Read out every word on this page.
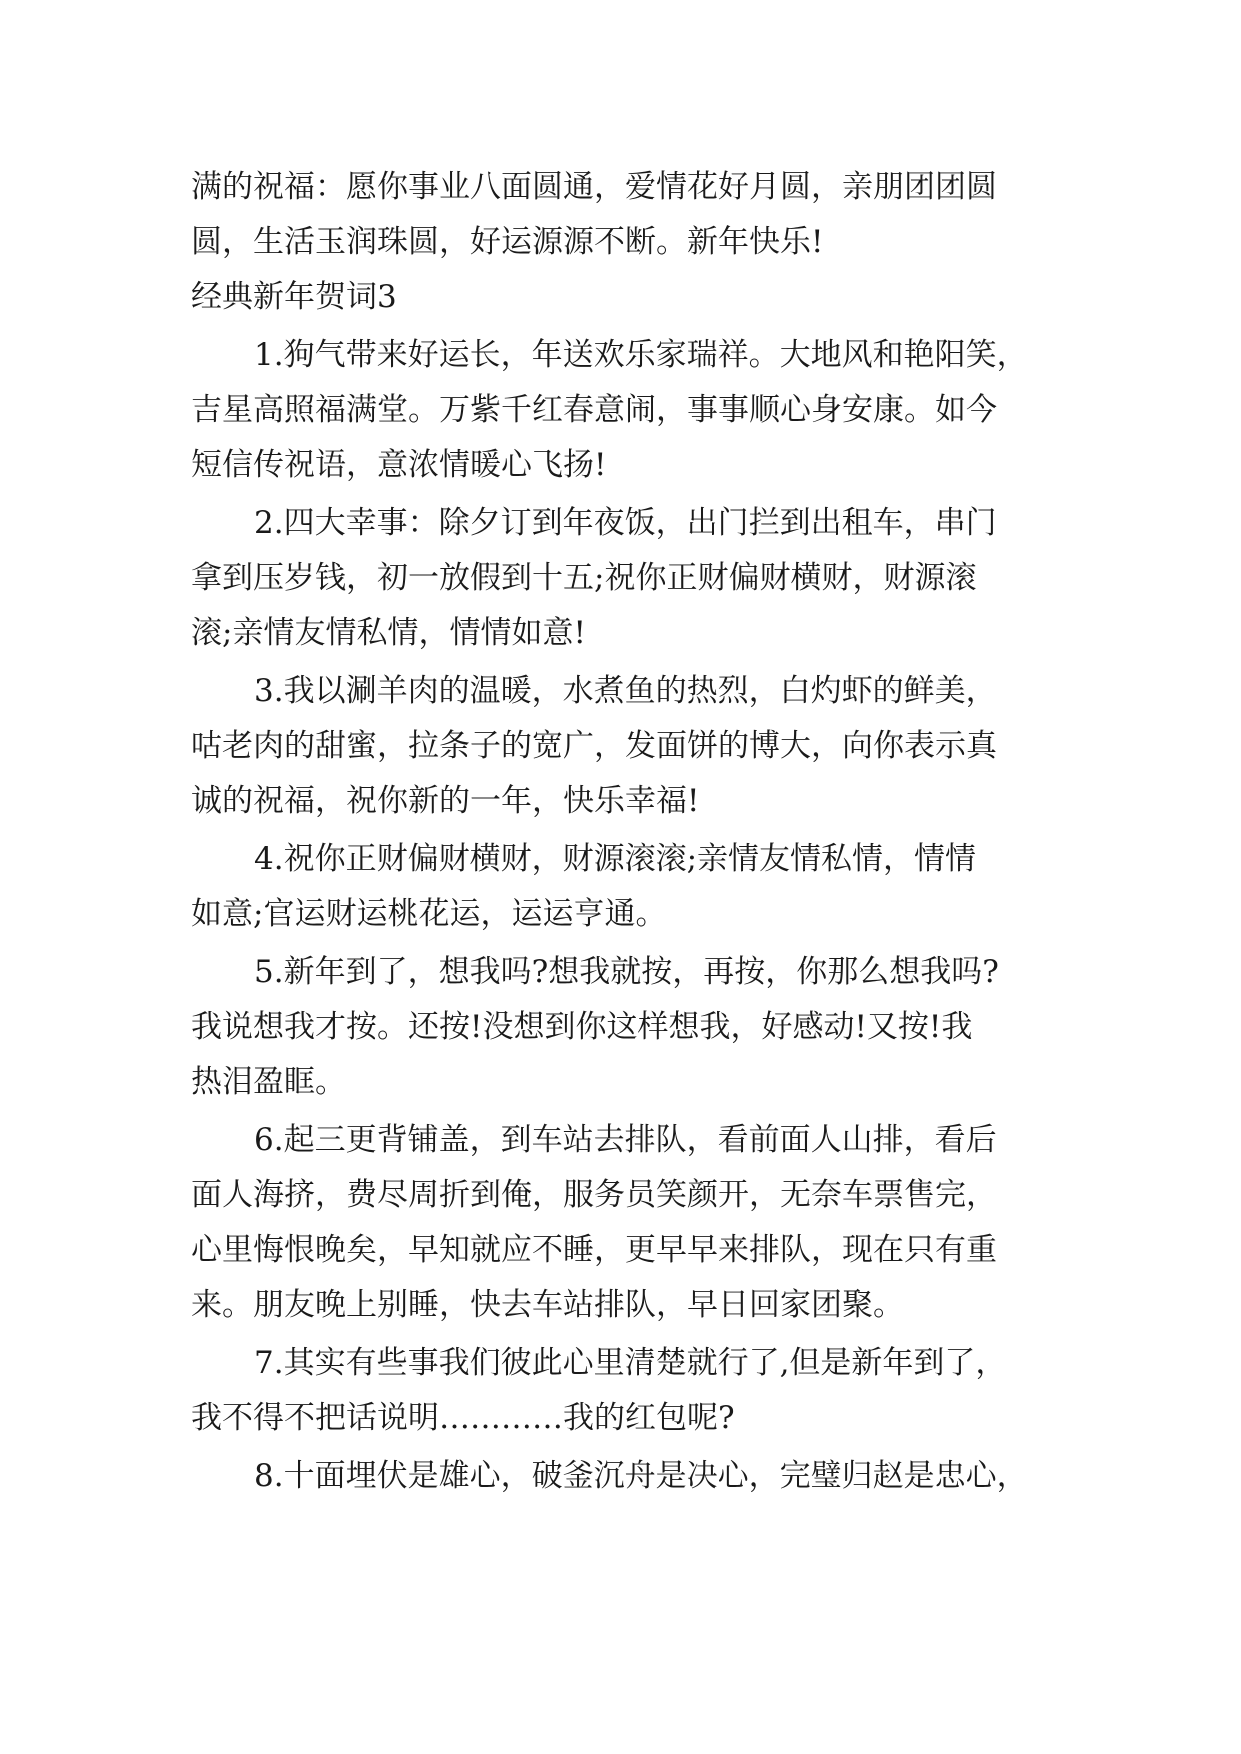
满的祝福：愿你事业八面圆通，爱情花好月圆，亲朋团团圆
圆，生活玉润珠圆，好运源源不断。新年快乐!
经典新年贺词3
1.狗气带来好运长，年送欢乐家瑞祥。大地风和艳阳笑，
吉星高照福满堂。万紫千红春意闹，事事顺心身安康。如今
短信传祝语，意浓情暖心飞扬!
2.四大幸事：除夕订到年夜饭，出门拦到出租车，串门
拿到压岁钱，初一放假到十五;祝你正财偏财横财，财源滚
滚;亲情友情私情，情情如意!
3.我以涮羊肉的温暖，水煮鱼的热烈，白灼虾的鲜美，
咕老肉的甜蜜，拉条子的宽广，发面饼的博大，向你表示真
诚的祝福，祝你新的一年，快乐幸福!
4.祝你正财偏财横财，财源滚滚;亲情友情私情，情情
如意;官运财运桃花运，运运亨通。
5.新年到了，想我吗?想我就按，再按，你那么想我吗?
我说想我才按。还按!没想到你这样想我，好感动!又按!我
热泪盈眶。
6.起三更背铺盖，到车站去排队，看前面人山排，看后
面人海挤，费尽周折到俺，服务员笑颜开，无奈车票售完，
心里悔恨晚矣，早知就应不睡，更早早来排队，现在只有重
来。朋友晚上别睡，快去车站排队，早日回家团聚。
7.其实有些事我们彼此心里清楚就行了,但是新年到了，
我不得不把话说明…………我的红包呢?
8.十面埋伏是雄心，破釜沉舟是决心，完璧归赵是忠心，
